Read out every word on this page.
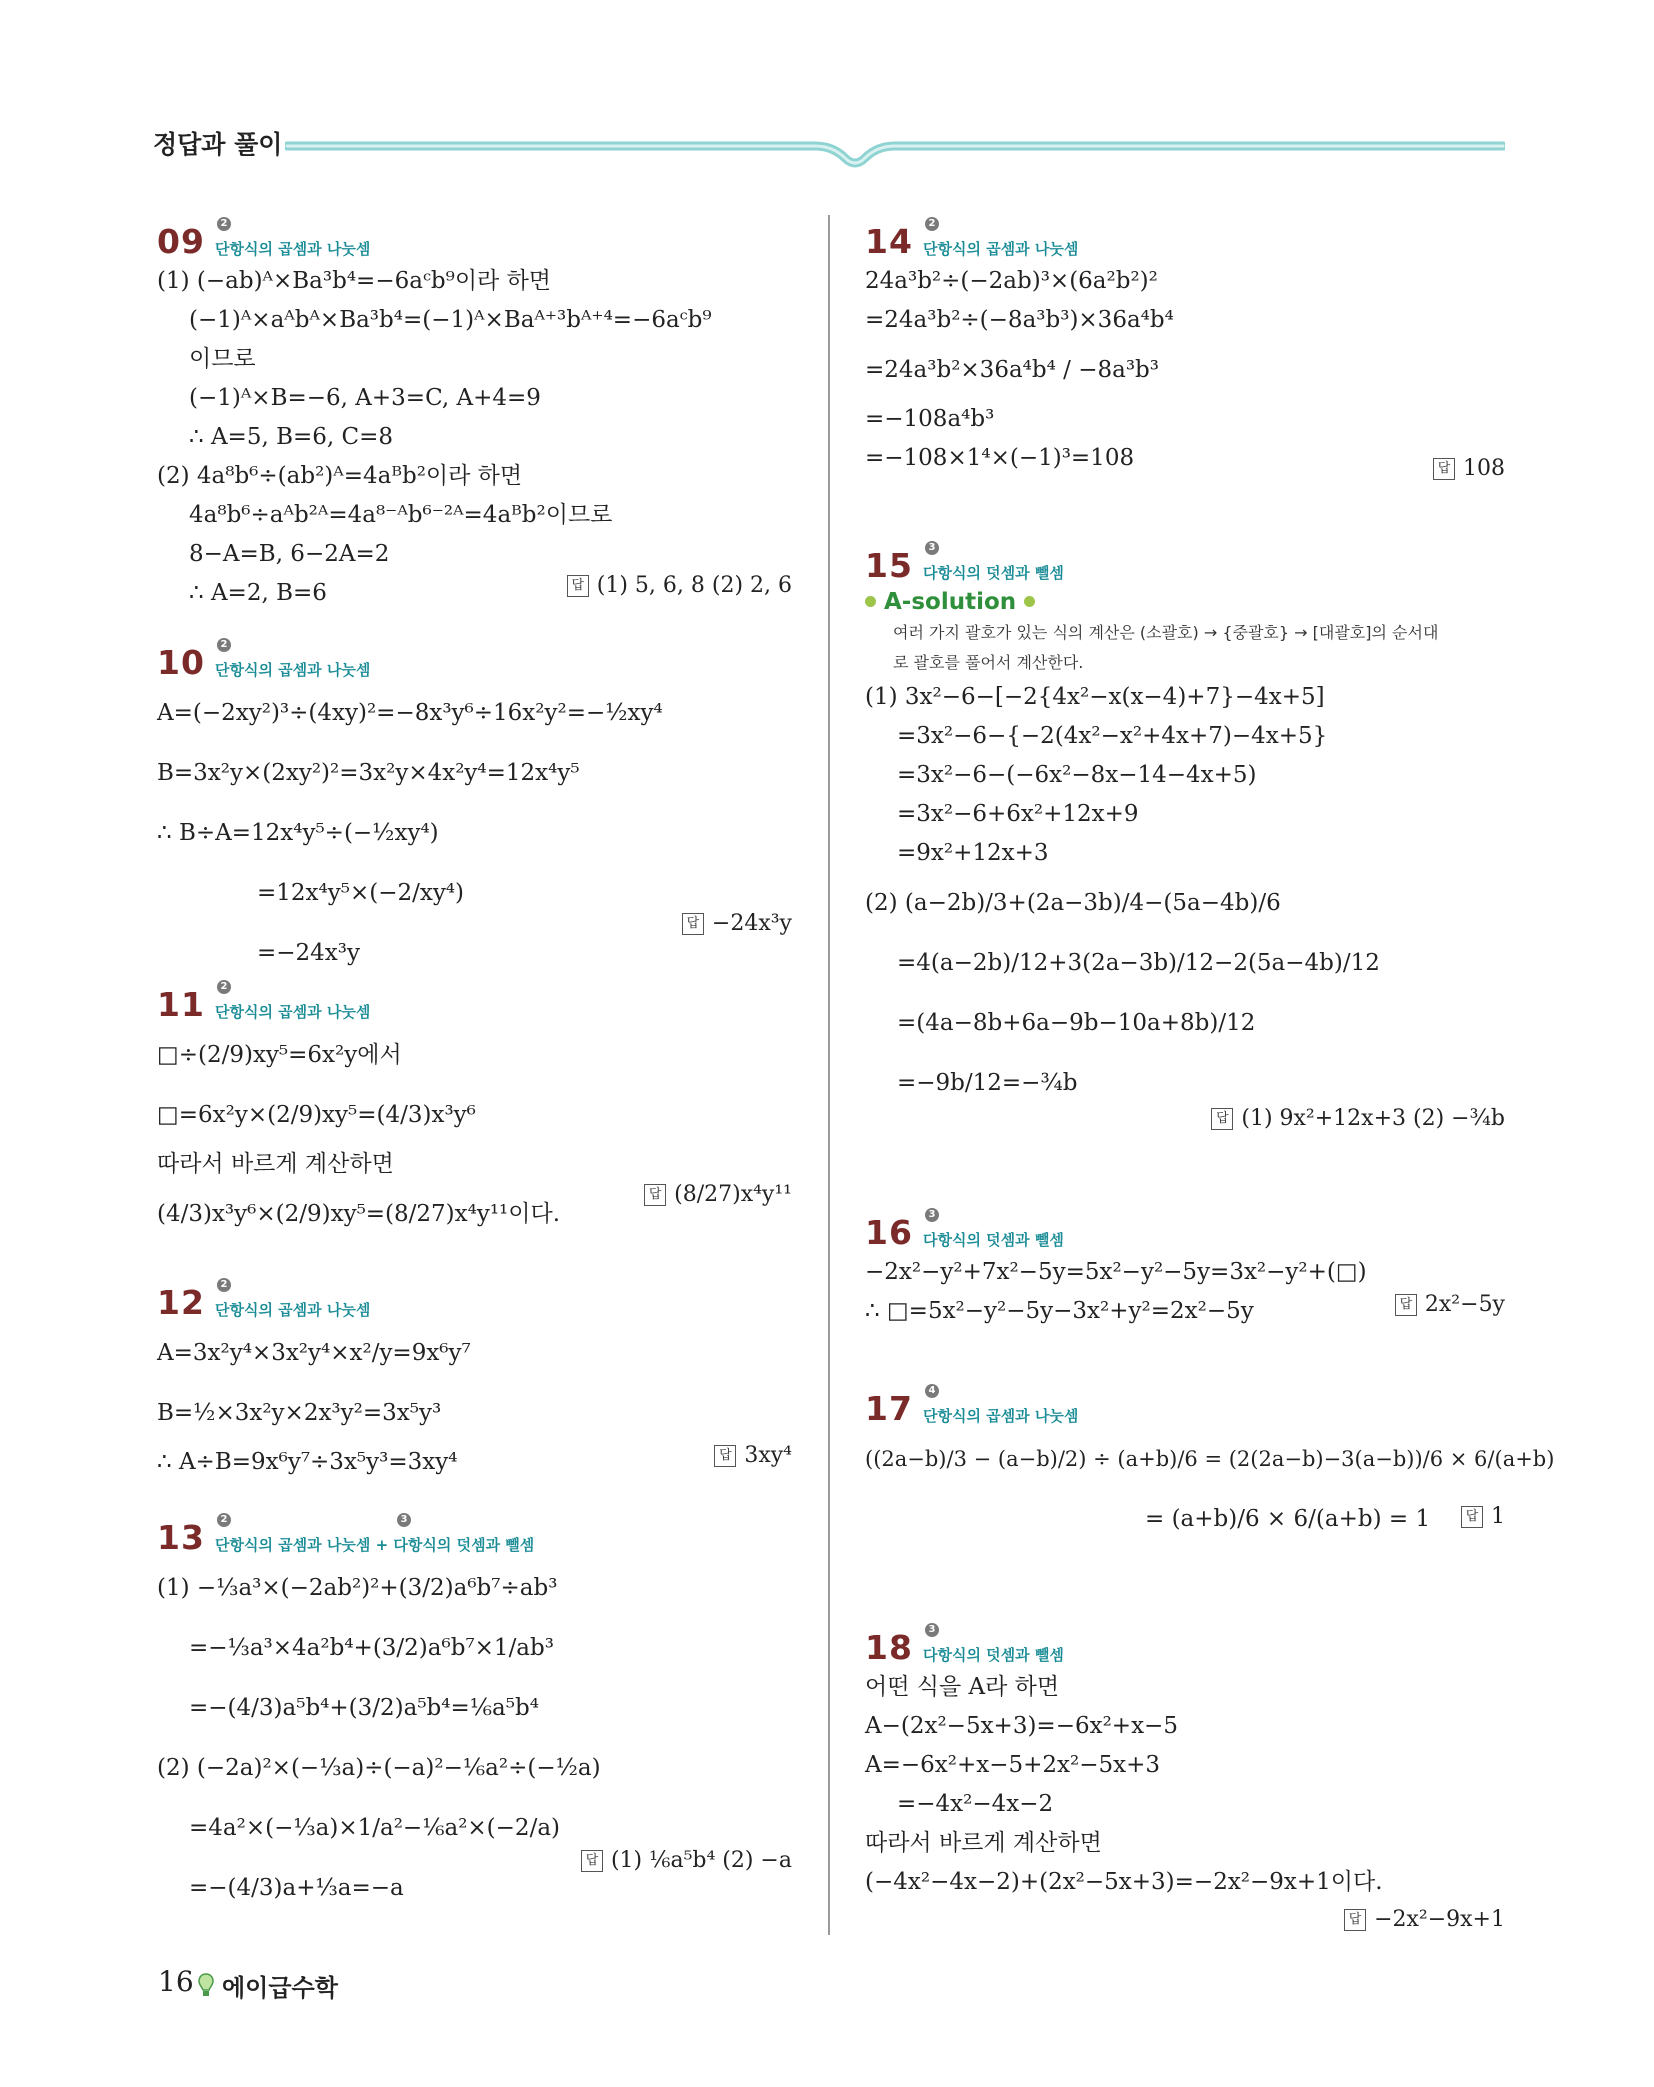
정답과 풀이
09	2
단항식의 곱셈과 나눗셈
(1) (−ab)ᴬ×Ba³b⁴=−6aᶜb⁹이라 하면
(−1)ᴬ×aᴬbᴬ×Ba³b⁴=(−1)ᴬ×Baᴬ⁺³bᴬ⁺⁴=−6aᶜb⁹
이므로
(−1)ᴬ×B=−6, A+3=C, A+4=9
∴ A=5, B=6, C=8
(2) 4a⁸b⁶÷(ab²)ᴬ=4aᴮb²이라 하면
4a⁸b⁶÷aᴬb²ᴬ=4a⁸⁻ᴬb⁶⁻²ᴬ=4aᴮb²이므로
8−A=B, 6−2A=2
∴ A=2, B=6	답 (1) 5, 6, 8 (2) 2, 6
10	2
단항식의 곱셈과 나눗셈
A=(−2xy²)³÷(4xy)²=−8x³y⁶÷16x²y²=−½xy⁴
B=3x²y×(2xy²)²=3x²y×4x²y⁴=12x⁴y⁵
∴ B÷A=12x⁴y⁵÷(−½xy⁴)
=12x⁴y⁵×(−2/xy⁴)
=−24x³y
답 −24x³y
11	2
단항식의 곱셈과 나눗셈
□÷(2/9)xy⁵=6x²y에서
□=6x²y×(2/9)xy⁵=(4/3)x³y⁶
따라서 바르게 계산하면
(4/3)x³y⁶×(2/9)xy⁵=(8/27)x⁴y¹¹이다.
답 (8/27)x⁴y¹¹
12	2
단항식의 곱셈과 나눗셈
A=3x²y⁴×3x²y⁴×x²/y=9x⁶y⁷
B=½×3x²y×2x³y²=3x⁵y³
∴ A÷B=9x⁶y⁷÷3x⁵y³=3xy⁴	답 3xy⁴
13	2
단항식의 곱셈과 나눗셈 + 다항식의 덧셈과 뺄셈
3
(1) −⅓a³×(−2ab²)²+(3/2)a⁶b⁷÷ab³
=−⅓a³×4a²b⁴+(3/2)a⁶b⁷×1/ab³
=−(4/3)a⁵b⁴+(3/2)a⁵b⁴=⅙a⁵b⁴
(2) (−2a)²×(−⅓a)÷(−a)²−⅙a²÷(−½a)
=4a²×(−⅓a)×1/a²−⅙a²×(−2/a)
=−(4/3)a+⅓a=−a
답 (1) ⅙a⁵b⁴ (2) −a
14	2
단항식의 곱셈과 나눗셈
24a³b²÷(−2ab)³×(6a²b²)²
=24a³b²÷(−8a³b³)×36a⁴b⁴
=24a³b²×36a⁴b⁴ / −8a³b³
=−108a⁴b³
=−108×1⁴×(−1)³=108	답 108
15	3
다항식의 덧셈과 뺄셈
A-solution
여러 가지 괄호가 있는 식의 계산은 (소괄호) → {중괄호} → [대괄호]의 순서대
로 괄호를 풀어서 계산한다.
(1) 3x²−6−[−2{4x²−x(x−4)+7}−4x+5]
=3x²−6−{−2(4x²−x²+4x+7)−4x+5}
=3x²−6−(−6x²−8x−14−4x+5)
=3x²−6+6x²+12x+9
=9x²+12x+3
(2) (a−2b)/3+(2a−3b)/4−(5a−4b)/6
=4(a−2b)/12+3(2a−3b)/12−2(5a−4b)/12
=(4a−8b+6a−9b−10a+8b)/12
=−9b/12=−¾b
답 (1) 9x²+12x+3 (2) −¾b
16	3
다항식의 덧셈과 뺄셈
−2x²−y²+7x²−5y=5x²−y²−5y=3x²−y²+(□)
∴ □=5x²−y²−5y−3x²+y²=2x²−5y	답 2x²−5y
17	4
단항식의 곱셈과 나눗셈
((2a−b)/3 − (a−b)/2) ÷ (a+b)/6 = (2(2a−b)−3(a−b))/6 × 6/(a+b)
= (a+b)/6 × 6/(a+b) = 1	답 1
18	3
다항식의 덧셈과 뺄셈
어떤 식을 A라 하면
A−(2x²−5x+3)=−6x²+x−5
A=−6x²+x−5+2x²−5x+3
=−4x²−4x−2
따라서 바르게 계산하면
(−4x²−4x−2)+(2x²−5x+3)=−2x²−9x+1이다.
답 −2x²−9x+1
16 에이급수학
